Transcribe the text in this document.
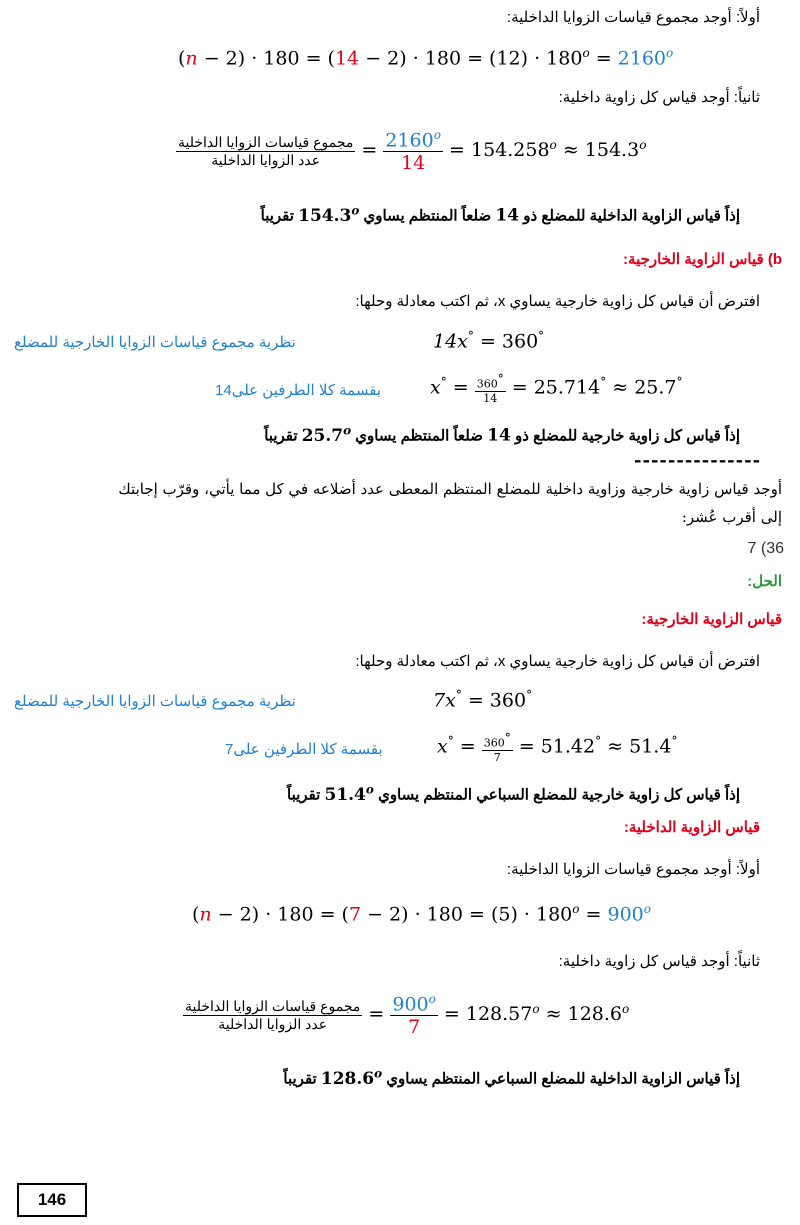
أولاً: أوجد مجموع قياسات الزوايا الداخلية:
$(n - 2) \cdot 180 = (14 - 2) \cdot 180 = (12) \cdot 180^o = 2160^o$
ثانياً: أوجد قياس كل زاوية داخلية:
$\frac{\text{مجموع قياسات الزوايا الداخلية}}{\text{عدد الزوايا الداخلية}} = \frac{2160^o}{14} = 154.258^o \approx 154.3^o$
إذاً قياس الزاوية الداخلية للمضلع ذو 14 ضلعاً المنتظم يساوي 154.3$^o$ تقريباً
b) قياس الزاوية الخارجية:
افترض أن قياس كل زاوية خارجية يساوي x، ثم اكتب معادلة وحلها:
نظرية مجموع قياسات الزوايا الخارجية للمضلع	14x° = 360°
بقسمة كلا الطرفين على14	$x^\circ = \frac{360^\circ}{14} = 25.714^\circ \approx 25.7^\circ$
إذاً قياس كل زاوية خارجية للمضلع ذو 14 ضلعاً المنتظم يساوي 25.7$^o$ تقريباً
---------------
أوجد قياس زاوية خارجية وزاوية داخلية للمضلع المنتظم المعطى عدد أضلاعه في كل مما يأتي، وقرّب إجابتك
إلى أقرب عُشر:
7 (36
الحل:
قياس الزاوية الخارجية:
افترض أن قياس كل زاوية خارجية يساوي x، ثم اكتب معادلة وحلها:
نظرية مجموع قياسات الزوايا الخارجية للمضلع	7x° = 360°
بقسمة كلا الطرفين على7	$x^\circ = \frac{360^\circ}{7} = 51.42^\circ \approx 51.4^\circ$
إذاً قياس كل زاوية خارجية للمضلع السباعي المنتظم يساوي 51.4$^o$ تقريباً
قياس الزاوية الداخلية:
أولاً: أوجد مجموع قياسات الزوايا الداخلية:
$(n - 2) \cdot 180 = (7 - 2) \cdot 180 = (5) \cdot 180^o = 900^o$
ثانياً: أوجد قياس كل زاوية داخلية:
$\frac{\text{مجموع قياسات الزوايا الداخلية}}{\text{عدد الزوايا الداخلية}} = \frac{900^o}{7} = 128.57^o \approx 128.6^o$
إذاً قياس الزاوية الداخلية للمضلع السباعي المنتظم يساوي 128.6$^o$ تقريباً
146
